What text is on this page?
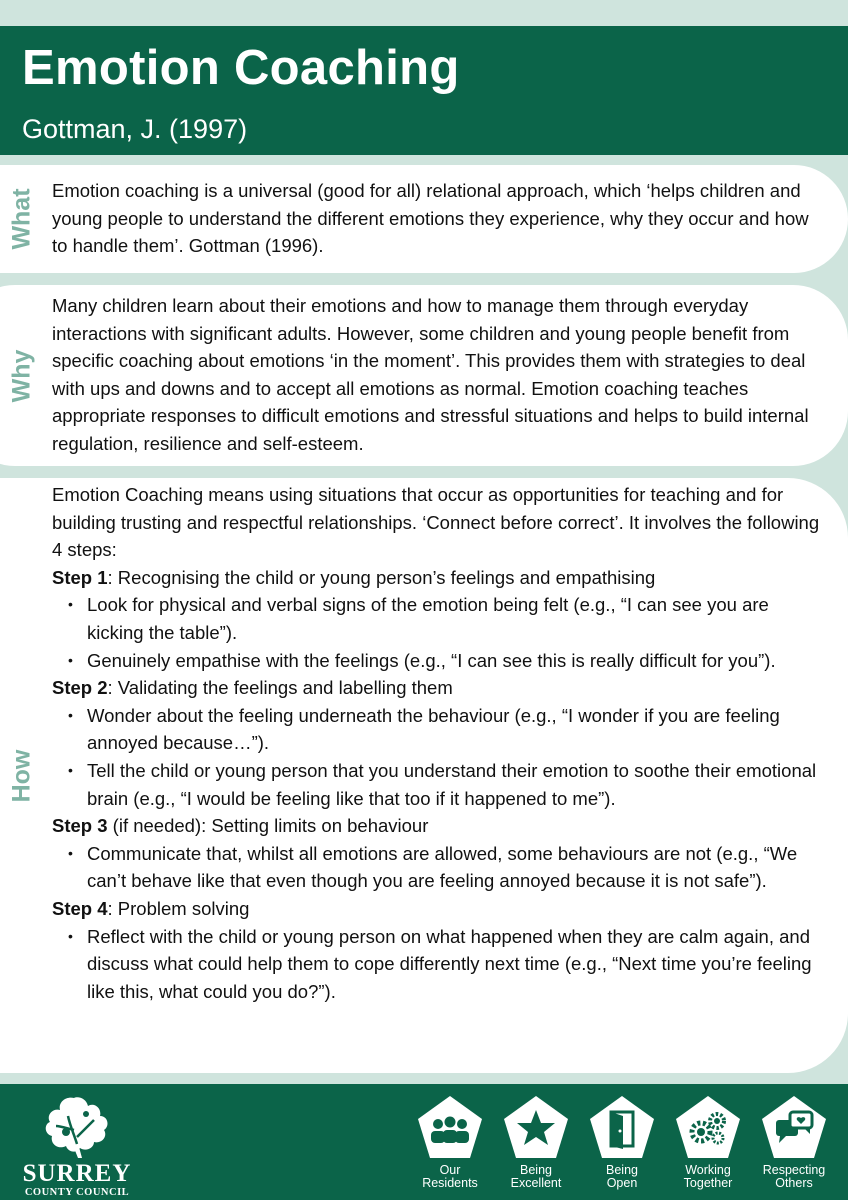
Emotion Coaching
Gottman, J. (1997)
What Emotion coaching is a universal (good for all) relational approach, which ‘helps children and young people to understand the different emotions they experience, why they occur and how to handle them’. Gottman (1996).
Why
Many children learn about their emotions and how to manage them through everyday interactions with significant adults. However, some children and young people benefit from specific coaching about emotions ‘in the moment’. This provides them with strategies to deal with ups and downs and to accept all emotions as normal. Emotion coaching teaches appropriate responses to difficult emotions and stressful situations and helps to build internal regulation, resilience and self-esteem.
How
Emotion Coaching means using situations that occur as opportunities for teaching and for building trusting and respectful relationships. ‘Connect before correct’. It involves the following 4 steps:
Step 1: Recognising the child or young person’s feelings and empathising
• Look for physical and verbal signs of the emotion being felt (e.g., “I can see you are kicking the table”).
• Genuinely empathise with the feelings (e.g., “I can see this is really difficult for you”).
Step 2: Validating the feelings and labelling them
• Wonder about the feeling underneath the behaviour (e.g., “I wonder if you are feeling annoyed because…”).
• Tell the child or young person that you understand their emotion to soothe their emotional brain (e.g., “I would be feeling like that too if it happened to me”).
Step 3 (if needed): Setting limits on behaviour
• Communicate that, whilst all emotions are allowed, some behaviours are not (e.g., “We can’t behave like that even though you are feeling annoyed because it is not safe”).
Step 4: Problem solving
• Reflect with the child or young person on what happened when they are calm again, and discuss what could help them to cope differently next time (e.g., “Next time you’re feeling like this, what could you do?”).
SURREY
COUNTY COUNCIL
Our
Residents
Being
Excellent
Being
Open
Working
Together
Respecting
Others
